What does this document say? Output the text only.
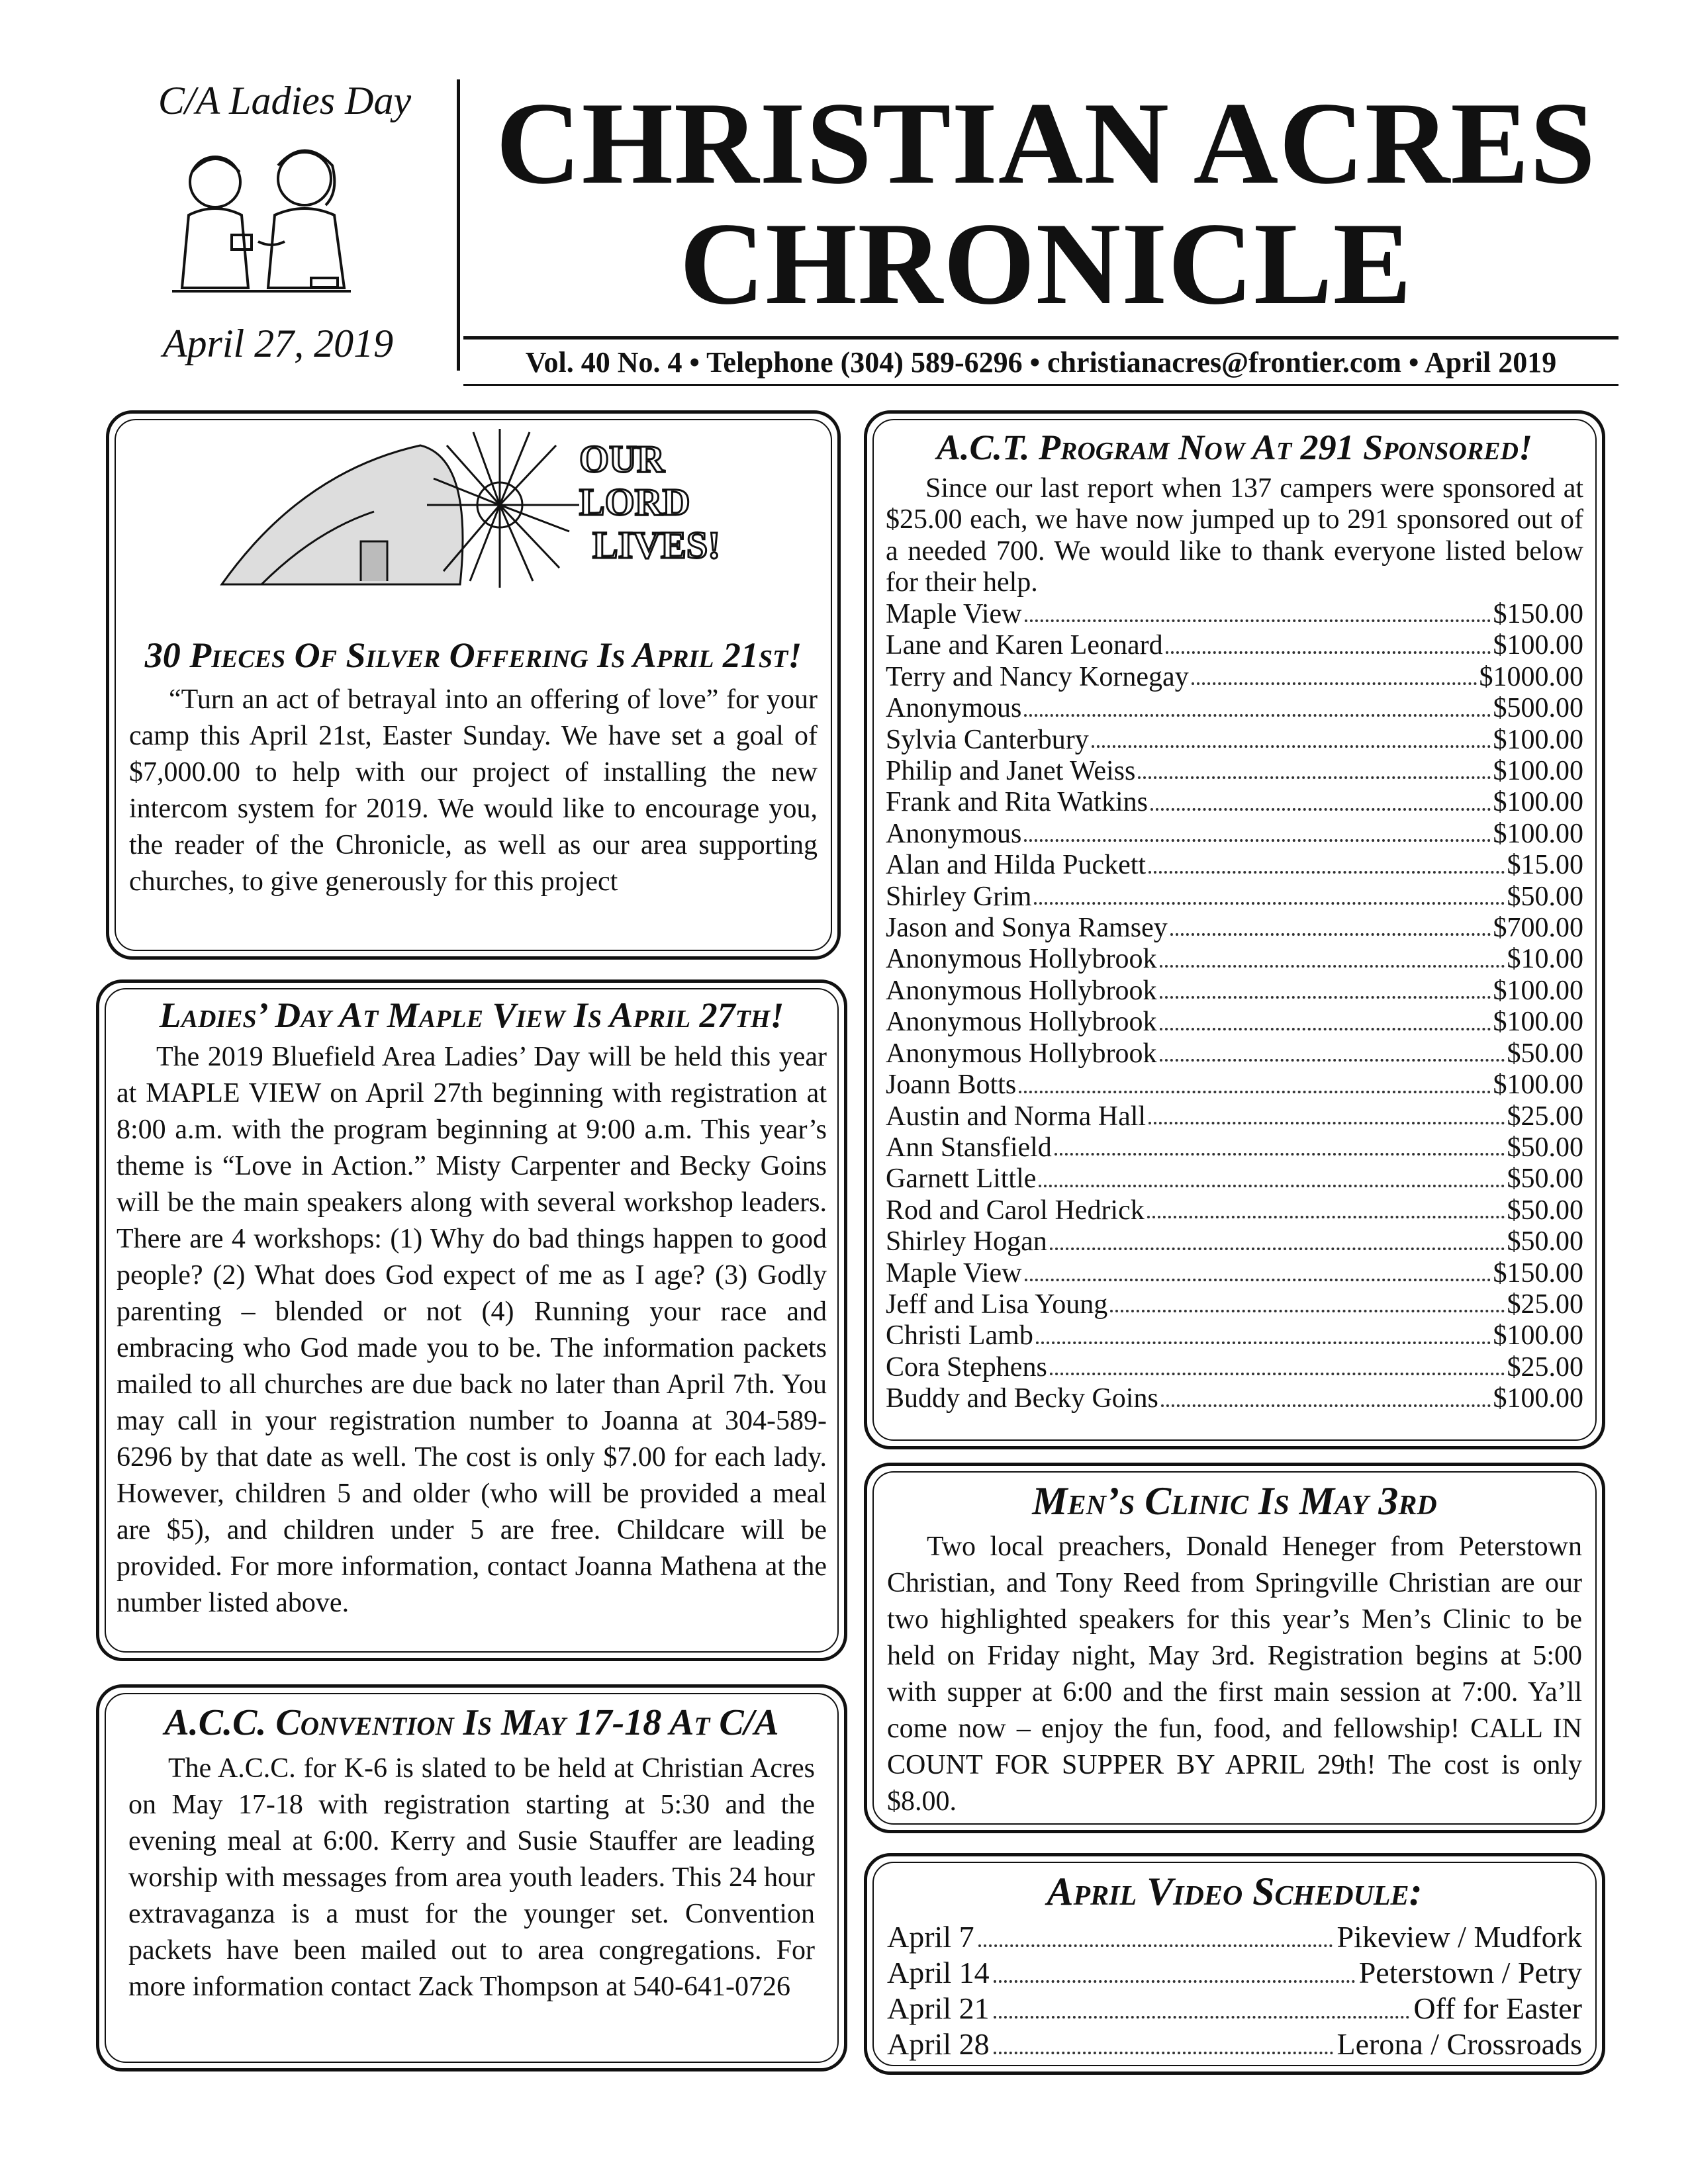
C/A Ladies Day
April 27, 2019
CHRISTIAN ACRES
CHRONICLE
Vol. 40 No. 4 • Telephone (304) 589-6296 • christianacres@frontier.com • April 2019
OUR
LORD
LIVES!
30 Pieces Of Silver Offering Is April 21st!
“Turn an act of betrayal into an offering of love” for your camp this April 21st, Easter Sunday. We have set a goal of $7,000.00 to help with our project of installing the new intercom system for 2019. We would like to encourage you, the reader of the Chronicle, as well as our area supporting churches, to give generously for this project
Ladies’ Day At Maple View Is April 27th!
The 2019 Bluefield Area Ladies’ Day will be held this year at MAPLE VIEW on April 27th beginning with registration at 8:00 a.m. with the program beginning at 9:00 a.m. This year’s theme is “Love in Action.” Misty Carpenter and Becky Goins will be the main speakers along with several workshop leaders. There are 4 workshops: (1) Why do bad things happen to good people? (2) What does God expect of me as I age? (3) Godly parenting – blended or not (4) Running your race and embracing who God made you to be. The information packets mailed to all churches are due back no later than April 7th. You may call in your registration number to Joanna at 304-589-6296 by that date as well. The cost is only $7.00 for each lady. However, children 5 and older (who will be provided a meal are $5), and children under 5 are free. Childcare will be provided. For more information, contact Joanna Mathena at the number listed above.
A.C.C. Convention Is May 17-18 At C/A
The A.C.C. for K-6 is slated to be held at Christian Acres on May 17-18 with registration starting at 5:30 and the evening meal at 6:00. Kerry and Susie Stauffer are leading worship with messages from area youth leaders. This 24 hour extravaganza is a must for the younger set. Convention packets have been mailed out to area congregations. For more information contact Zack Thompson at 540-641-0726
A.C.T. Program Now At 291 Sponsored!
Since our last report when 137 campers were sponsored at $25.00 each, we have now jumped up to 291 sponsored out of a needed 700. We would like to thank everyone listed below for their help.
Maple View	$150.00
Lane and Karen Leonard	$100.00
Terry and Nancy Kornegay	$1000.00
Anonymous	$500.00
Sylvia Canterbury	$100.00
Philip and Janet Weiss	$100.00
Frank and Rita Watkins	$100.00
Anonymous	$100.00
Alan and Hilda Puckett	$15.00
Shirley Grim	$50.00
Jason and Sonya Ramsey	$700.00
Anonymous Hollybrook	$10.00
Anonymous Hollybrook	$100.00
Anonymous Hollybrook	$100.00
Anonymous Hollybrook	$50.00
Joann Botts	$100.00
Austin and Norma Hall	$25.00
Ann Stansfield	$50.00
Garnett Little	$50.00
Rod and Carol Hedrick	$50.00
Shirley Hogan	$50.00
Maple View	$150.00
Jeff and Lisa Young	$25.00
Christi Lamb	$100.00
Cora Stephens	$25.00
Buddy and Becky Goins	$100.00
Men’s Clinic Is May 3rd
Two local preachers, Donald Heneger from Peterstown Christian, and Tony Reed from Springville Christian are our two highlighted speakers for this year’s Men’s Clinic to be held on Friday night, May 3rd. Registration begins at 5:00 with supper at 6:00 and the first main session at 7:00. Ya’ll come now – enjoy the fun, food, and fellowship! CALL IN COUNT FOR SUPPER BY APRIL 29th! The cost is only $8.00.
April Video Schedule:
April 7	Pikeview / Mudfork
April 14	Peterstown / Petry
April 21	Off for Easter
April 28	Lerona / Crossroads
